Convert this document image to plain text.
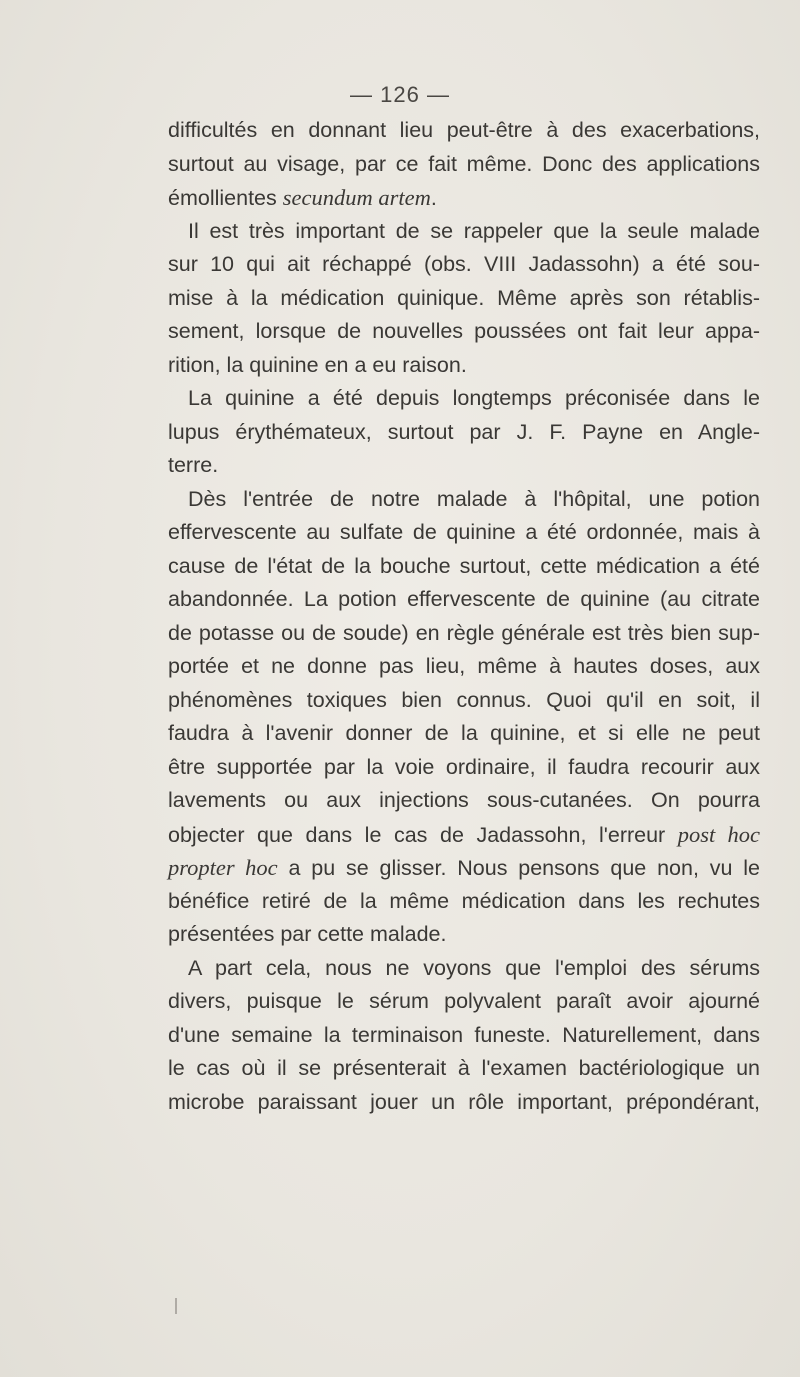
— 126 —
difficultés en donnant lieu peut-être à des exacerbations,
surtout au visage, par ce fait même. Donc des applications
émollientes secundum artem.
Il est très important de se rappeler que la seule malade
sur 10 qui ait réchappé (obs. VIII Jadassohn) a été sou-
mise à la médication quinique. Même après son rétablis-
sement, lorsque de nouvelles poussées ont fait leur appa-
rition, la quinine en a eu raison.
La quinine a été depuis longtemps préconisée dans le
lupus érythémateux, surtout par J. F. Payne en Angle-
terre.
Dès l'entrée de notre malade à l'hôpital, une potion
effervescente au sulfate de quinine a été ordonnée, mais à
cause de l'état de la bouche surtout, cette médication a été
abandonnée. La potion effervescente de quinine (au citrate
de potasse ou de soude) en règle générale est très bien sup-
portée et ne donne pas lieu, même à hautes doses, aux
phénomènes toxiques bien connus. Quoi qu'il en soit, il
faudra à l'avenir donner de la quinine, et si elle ne peut
être supportée par la voie ordinaire, il faudra recourir aux
lavements ou aux injections sous-cutanées. On pourra
objecter que dans le cas de Jadassohn, l'erreur post hoc
propter hoc a pu se glisser. Nous pensons que non, vu le
bénéfice retiré de la même médication dans les rechutes
présentées par cette malade.
A part cela, nous ne voyons que l'emploi des sérums
divers, puisque le sérum polyvalent paraît avoir ajourné
d'une semaine la terminaison funeste. Naturellement, dans
le cas où il se présenterait à l'examen bactériologique un
microbe paraissant jouer un rôle important, prépondérant,
